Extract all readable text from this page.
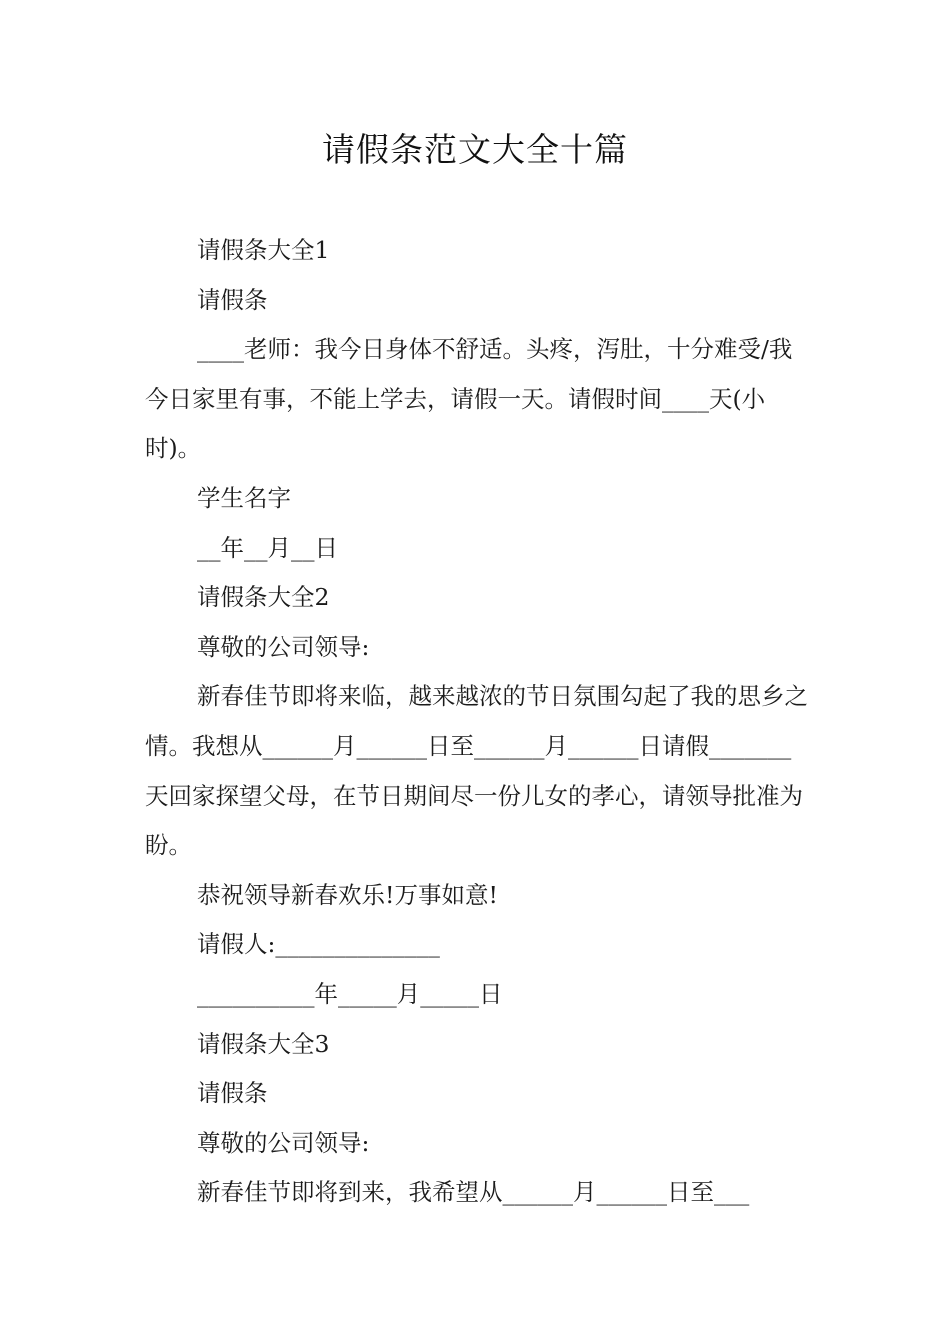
请假条范文大全十篇

请假条大全1

请假条

____老师：我今日身体不舒适。头疼，泻肚，十分难受/我今日家里有事，不能上学去，请假一天。请假时间____天(小时)。

学生名字

__年__月__日

请假条大全2

尊敬的公司领导:

新春佳节即将来临，越来越浓的节日氛围勾起了我的思乡之情。我想从______月______日至______月______日请假_______天回家探望父母，在节日期间尽一份儿女的孝心，请领导批准为盼。

恭祝领导新春欢乐!万事如意!

请假人:______________

__________年_____月_____日

请假条大全3

请假条

尊敬的公司领导:

新春佳节即将到来，我希望从______月______日至___
